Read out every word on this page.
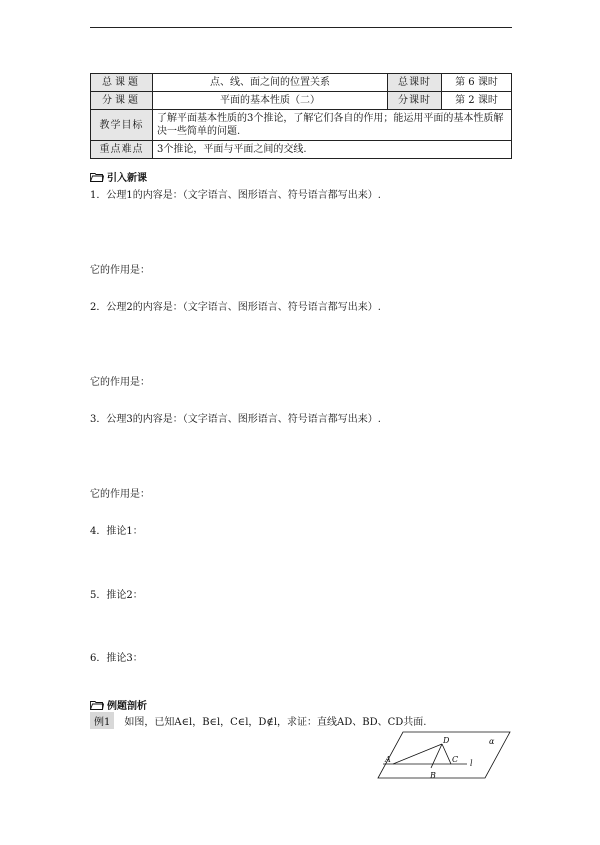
总课题	点、线、面之间的位置关系	总课时	第 6 课时
分课题	平面的基本性质（二）	分课时	第 2 课时
教学目标	了解平面基本性质的3个推论，了解它们各自的作用；能运用平面的基本性质解决一些简单的问题.		
重点难点	3个推论，平面与平面之间的交线.		
引入新课
1．公理1的内容是：（文字语言、图形语言、符号语言都写出来）.
它的作用是：
2．公理2的内容是：（文字语言、图形语言、符号语言都写出来）.
它的作用是：
3．公理3的内容是：（文字语言、图形语言、符号语言都写出来）.
它的作用是：
4．推论1：
5．推论2：
6．推论3：
例题剖析
例1	如图，已知A∈l，B∈l，C∈l，D∉l，求证：直线AD、BD、CD共面.
α
D
A
B
C l
